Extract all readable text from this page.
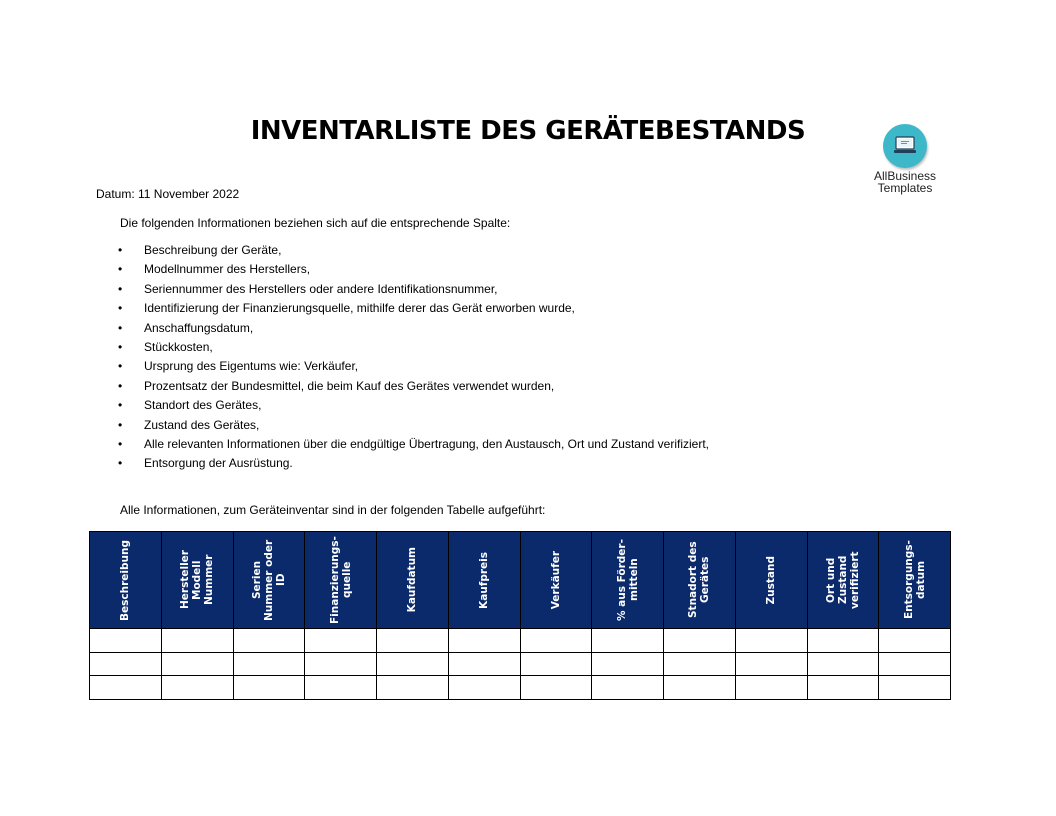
INVENTARLISTE DES GERÄTEBESTANDS
AllBusiness
Templates
Datum: 11 November 2022
Die folgenden Informationen beziehen sich auf die entsprechende Spalte:
• Beschreibung der Geräte,
• Modellnummer des Herstellers,
• Seriennummer des Herstellers oder andere Identifikationsnummer,
• Identifizierung der Finanzierungsquelle, mithilfe derer das Gerät erworben wurde,
• Anschaffungsdatum,
• Stückkosten,
• Ursprung des Eigentums wie: Verkäufer,
• Prozentsatz der Bundesmittel, die beim Kauf des Gerätes verwendet wurden,
• Standort des Gerätes,
• Zustand des Gerätes,
• Alle relevanten Informationen über die endgültige Übertragung, den Austausch, Ort und Zustand verifiziert,
• Entsorgung der Ausrüstung.
Alle Informationen, zum Geräteinventar sind in der folgenden Tabelle aufgeführt:
Beschreibung	Hersteller Modell Nummer	Serien Nummer oder ID	Finanzierungs- quelle	Kaufdatum	Kaufpreis	Verkäufer	% aus Förder- mitteln	Stnadort des Gerätes	Zustand	Ort und Zustand verifiziert	Entsorgungs- datum
